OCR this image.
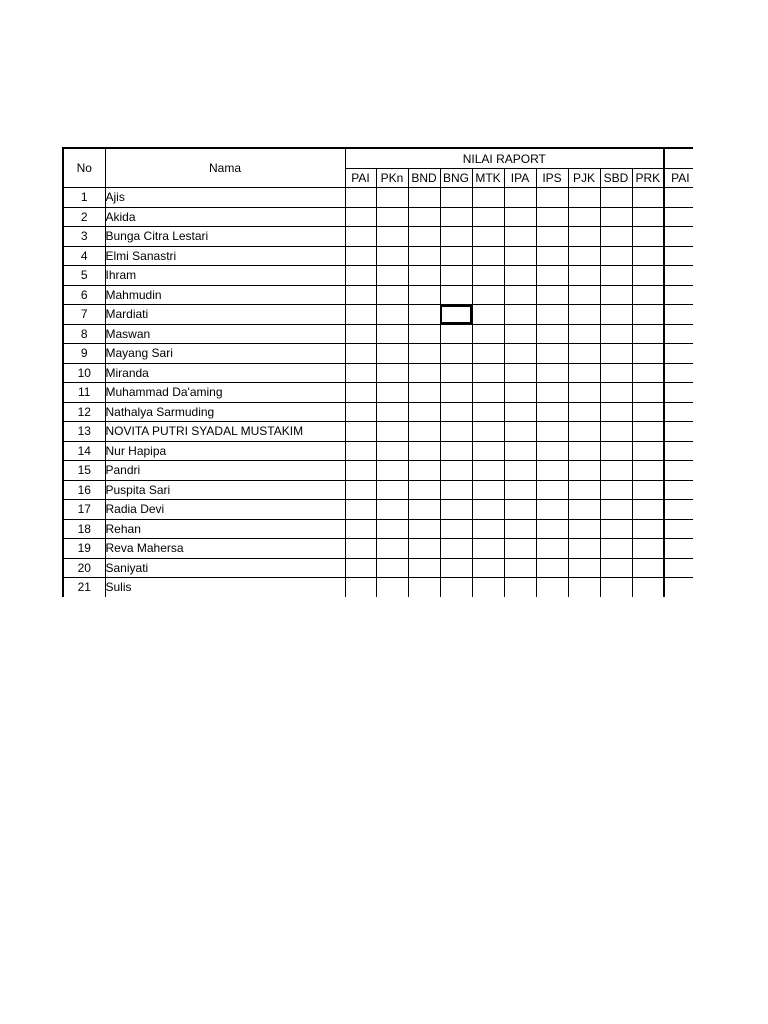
No	Nama	NILAI RAPORT											
		PAI	PKn	BND	BNG	MTK	IPA	IPS	PJK	SBD	PRK	PAI	
1	Ajis												
2	Akida												
3	Bunga Citra Lestari												
4	Elmi Sanastri												
5	Ihram												
6	Mahmudin												
7	Mardiati												
8	Maswan												
9	Mayang Sari												
10	Miranda												
11	Muhammad Da'aming												
12	Nathalya Sarmuding												
13	NOVITA PUTRI SYADAL MUSTAKIM												
14	Nur Hapipa												
15	Pandri												
16	Puspita Sari												
17	Radia Devi												
18	Rehan												
19	Reva Mahersa												
20	Saniyati												
21	Sulis												
